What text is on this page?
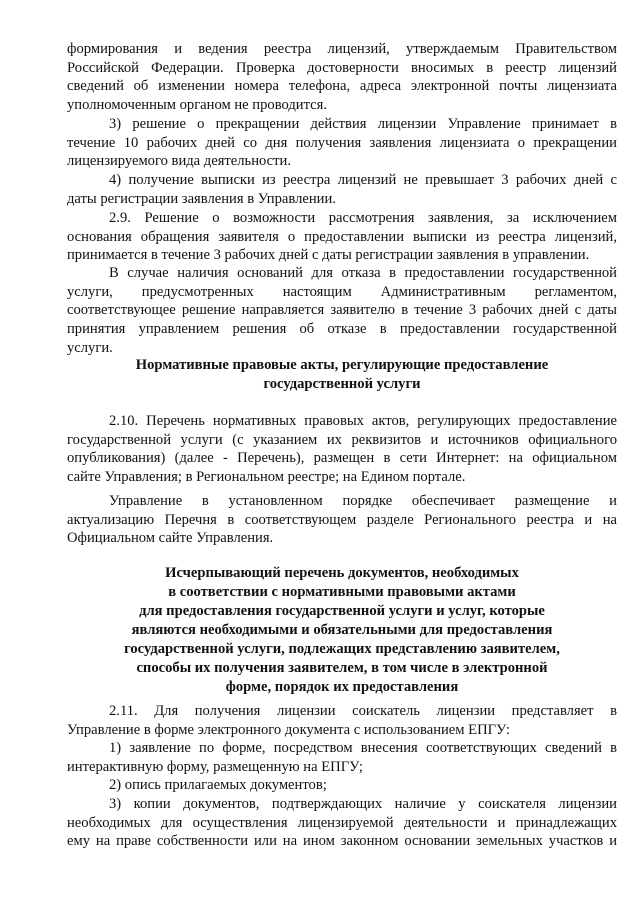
формирования и ведения реестра лицензий, утверждаемым Правительством
Российской Федерации. Проверка достоверности вносимых в реестр лицензий
сведений об изменении номера телефона, адреса электронной почты лицензиата
уполномоченным органом не проводится.
3) решение о прекращении действия лицензии Управление принимает в
течение 10 рабочих дней со дня получения заявления лицензиата о прекращении
лицензируемого вида деятельности.
4) получение выписки из реестра лицензий не превышает 3 рабочих дней с
даты регистрации заявления в Управлении.
2.9. Решение о возможности рассмотрения заявления, за исключением
основания обращения заявителя о предоставлении выписки из реестра лицензий,
принимается в течение 3 рабочих дней с даты регистрации заявления в управлении.
В случае наличия оснований для отказа в предоставлении государственной
услуги, предусмотренных настоящим Административным регламентом,
соответствующее решение направляется заявителю в течение 3 рабочих дней с даты
принятия управлением решения об отказе в предоставлении государственной
услуги.
Нормативные правовые акты, регулирующие предоставление
государственной услуги
2.10. Перечень нормативных правовых актов, регулирующих предоставление
государственной услуги (с указанием их реквизитов и источников официального
опубликования) (далее - Перечень), размещен в сети Интернет: на официальном
сайте Управления; в Региональном реестре; на Едином портале.
Управление в установленном порядке обеспечивает размещение и
актуализацию Перечня в соответствующем разделе Регионального реестра и на
Официальном сайте Управления.
Исчерпывающий перечень документов, необходимых
в соответствии с нормативными правовыми актами
для предоставления государственной услуги и услуг, которые
являются необходимыми и обязательными для предоставления
государственной услуги, подлежащих представлению заявителем,
способы их получения заявителем, в том числе в электронной
форме, порядок их предоставления
2.11. Для получения лицензии соискатель лицензии представляет в
Управление в форме электронного документа с использованием ЕПГУ:
1) заявление по форме, посредством внесения соответствующих сведений в
интерактивную форму, размещенную на ЕПГУ;
2) опись прилагаемых документов;
3) копии документов, подтверждающих наличие у соискателя лицензии
необходимых для осуществления лицензируемой деятельности и принадлежащих
ему на праве собственности или на ином законном основании земельных участков и
